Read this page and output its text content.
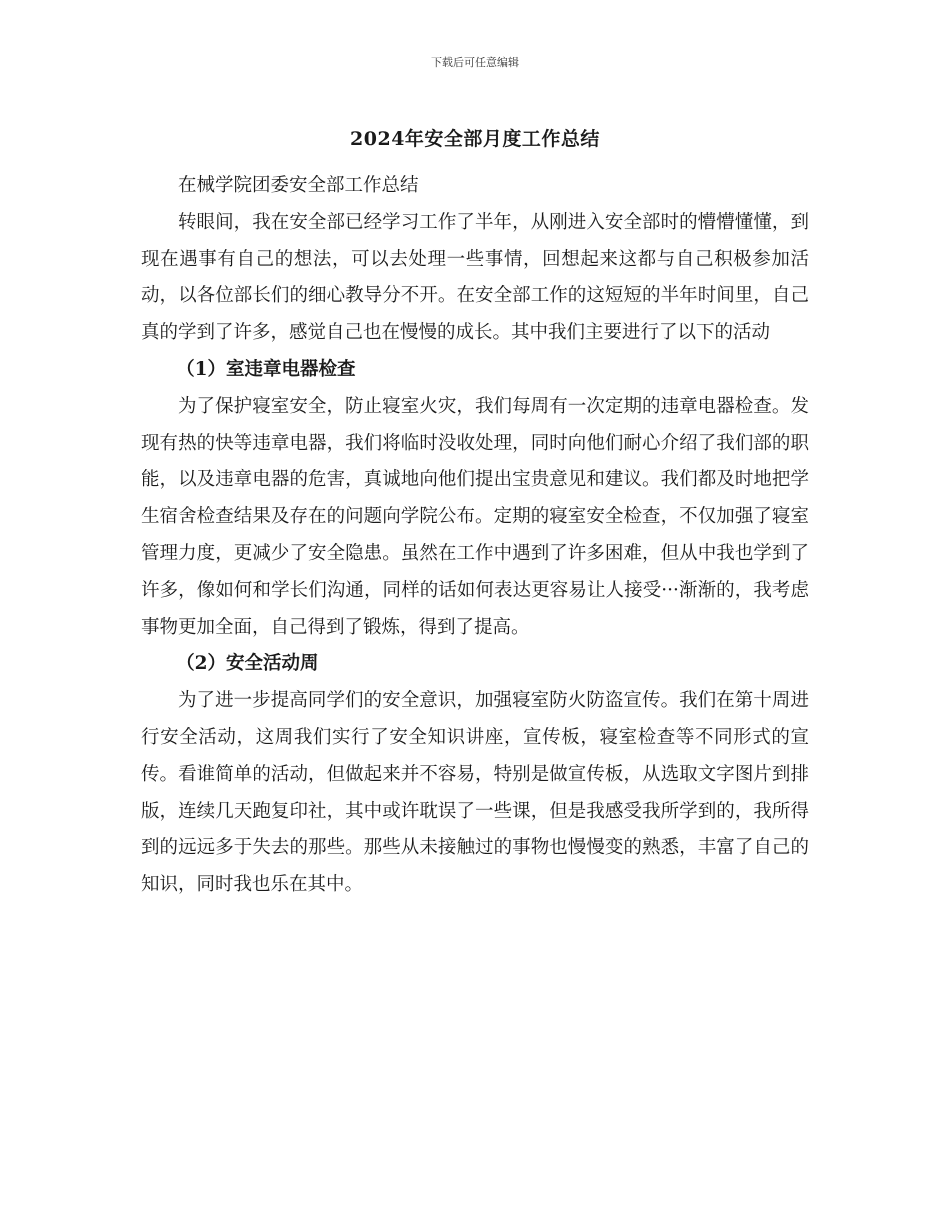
下载后可任意编辑
2024年安全部月度工作总结

在械学院团委安全部工作总结

转眼间，我在安全部已经学习工作了半年，从刚进入安全部时的懵懵懂懂，到现在遇事有自己的想法，可以去处理一些事情，回想起来这都与自己积极参加活动，以各位部长们的细心教导分不开。在安全部工作的这短短的半年时间里，自己真的学到了许多，感觉自己也在慢慢的成长。其中我们主要进行了以下的活动

（1）室违章电器检查

为了保护寝室安全，防止寝室火灾，我们每周有一次定期的违章电器检查。发现有热的快等违章电器，我们将临时没收处理，同时向他们耐心介绍了我们部的职能，以及违章电器的危害，真诚地向他们提出宝贵意见和建议。我们都及时地把学生宿舍检查结果及存在的问题向学院公布。定期的寝室安全检查，不仅加强了寝室管理力度，更减少了安全隐患。虽然在工作中遇到了许多困难，但从中我也学到了许多，像如何和学长们沟通，同样的话如何表达更容易让人接受···渐渐的，我考虑事物更加全面，自己得到了锻炼，得到了提高。

（2）安全活动周

为了进一步提高同学们的安全意识，加强寝室防火防盗宣传。我们在第十周进行安全活动，这周我们实行了安全知识讲座，宣传板，寝室检查等不同形式的宣传。看谁简单的活动，但做起来并不容易，特别是做宣传板，从选取文字图片到排版，连续几天跑复印社，其中或许耽误了一些课，但是我感受我所学到的，我所得到的远远多于失去的那些。那些从未接触过的事物也慢慢变的熟悉，丰富了自己的知识，同时我也乐在其中。
